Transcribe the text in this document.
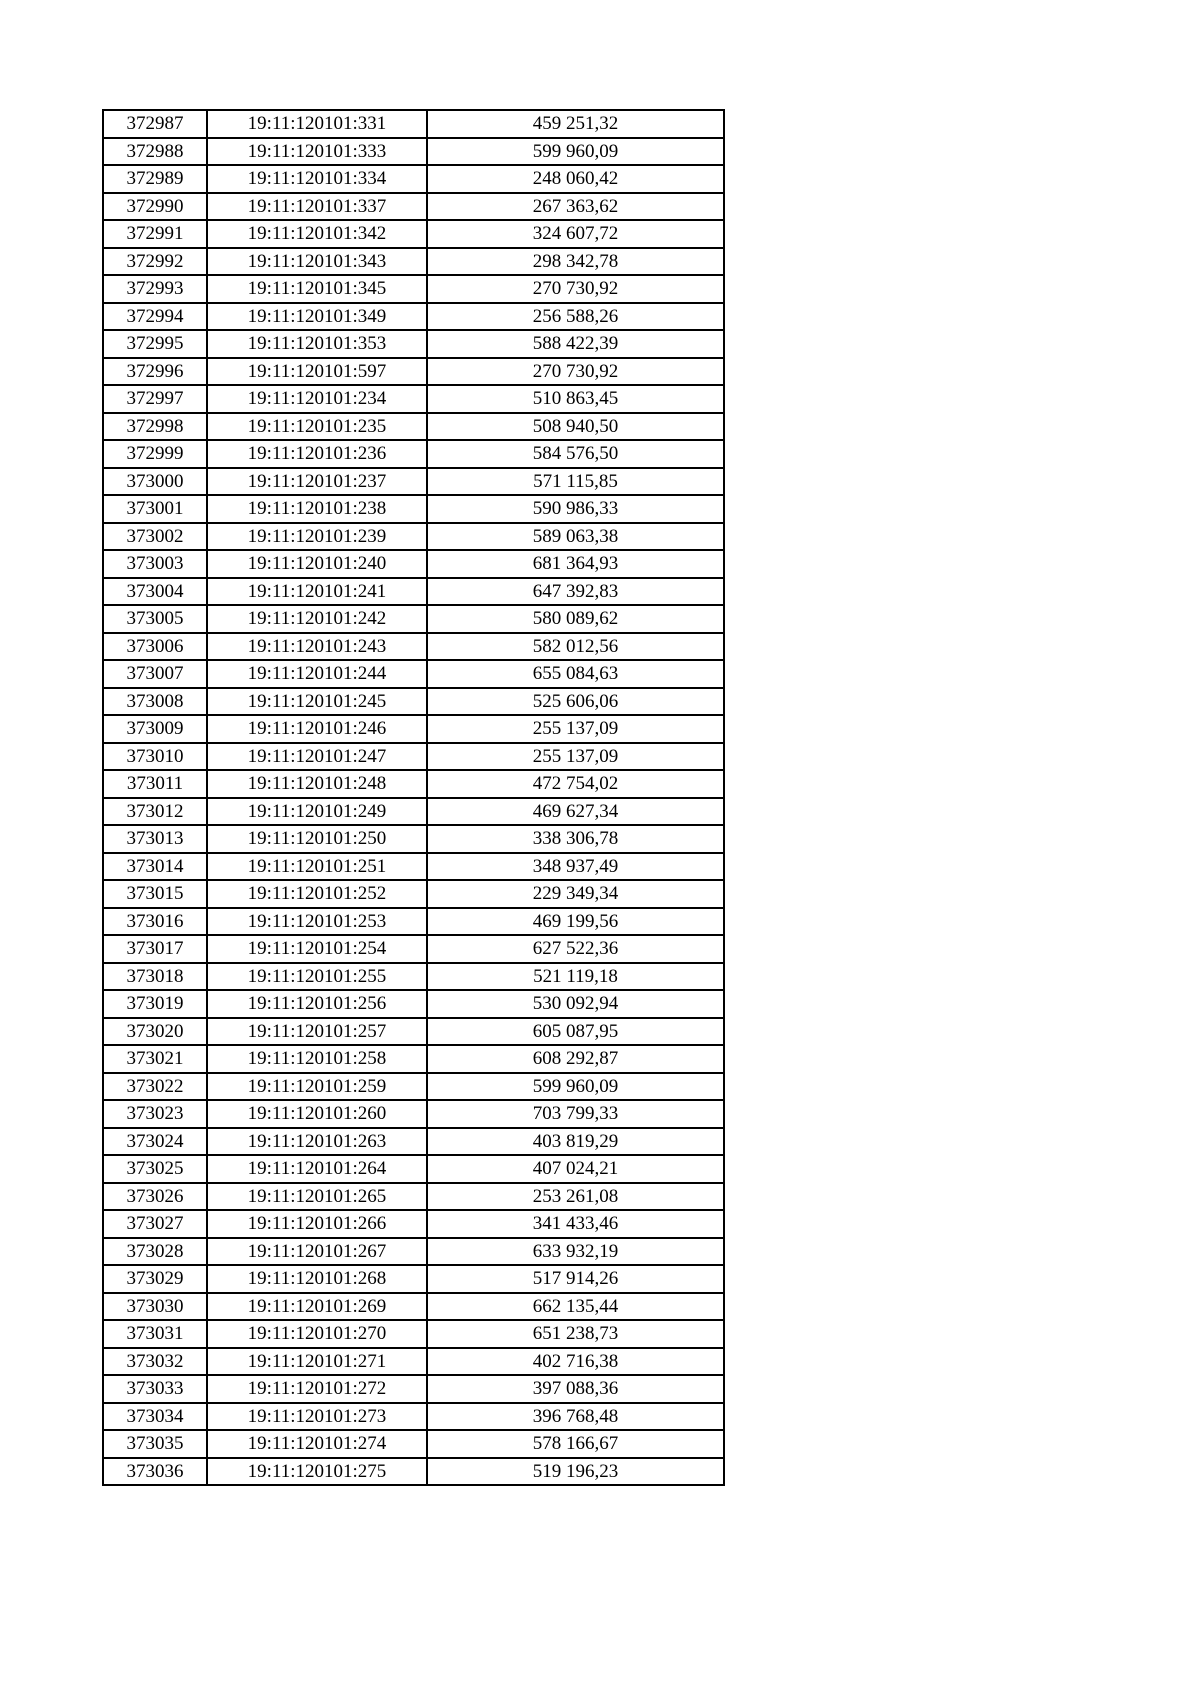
372987	19:11:120101:331	459 251,32
372988	19:11:120101:333	599 960,09
372989	19:11:120101:334	248 060,42
372990	19:11:120101:337	267 363,62
372991	19:11:120101:342	324 607,72
372992	19:11:120101:343	298 342,78
372993	19:11:120101:345	270 730,92
372994	19:11:120101:349	256 588,26
372995	19:11:120101:353	588 422,39
372996	19:11:120101:597	270 730,92
372997	19:11:120101:234	510 863,45
372998	19:11:120101:235	508 940,50
372999	19:11:120101:236	584 576,50
373000	19:11:120101:237	571 115,85
373001	19:11:120101:238	590 986,33
373002	19:11:120101:239	589 063,38
373003	19:11:120101:240	681 364,93
373004	19:11:120101:241	647 392,83
373005	19:11:120101:242	580 089,62
373006	19:11:120101:243	582 012,56
373007	19:11:120101:244	655 084,63
373008	19:11:120101:245	525 606,06
373009	19:11:120101:246	255 137,09
373010	19:11:120101:247	255 137,09
373011	19:11:120101:248	472 754,02
373012	19:11:120101:249	469 627,34
373013	19:11:120101:250	338 306,78
373014	19:11:120101:251	348 937,49
373015	19:11:120101:252	229 349,34
373016	19:11:120101:253	469 199,56
373017	19:11:120101:254	627 522,36
373018	19:11:120101:255	521 119,18
373019	19:11:120101:256	530 092,94
373020	19:11:120101:257	605 087,95
373021	19:11:120101:258	608 292,87
373022	19:11:120101:259	599 960,09
373023	19:11:120101:260	703 799,33
373024	19:11:120101:263	403 819,29
373025	19:11:120101:264	407 024,21
373026	19:11:120101:265	253 261,08
373027	19:11:120101:266	341 433,46
373028	19:11:120101:267	633 932,19
373029	19:11:120101:268	517 914,26
373030	19:11:120101:269	662 135,44
373031	19:11:120101:270	651 238,73
373032	19:11:120101:271	402 716,38
373033	19:11:120101:272	397 088,36
373034	19:11:120101:273	396 768,48
373035	19:11:120101:274	578 166,67
373036	19:11:120101:275	519 196,23
